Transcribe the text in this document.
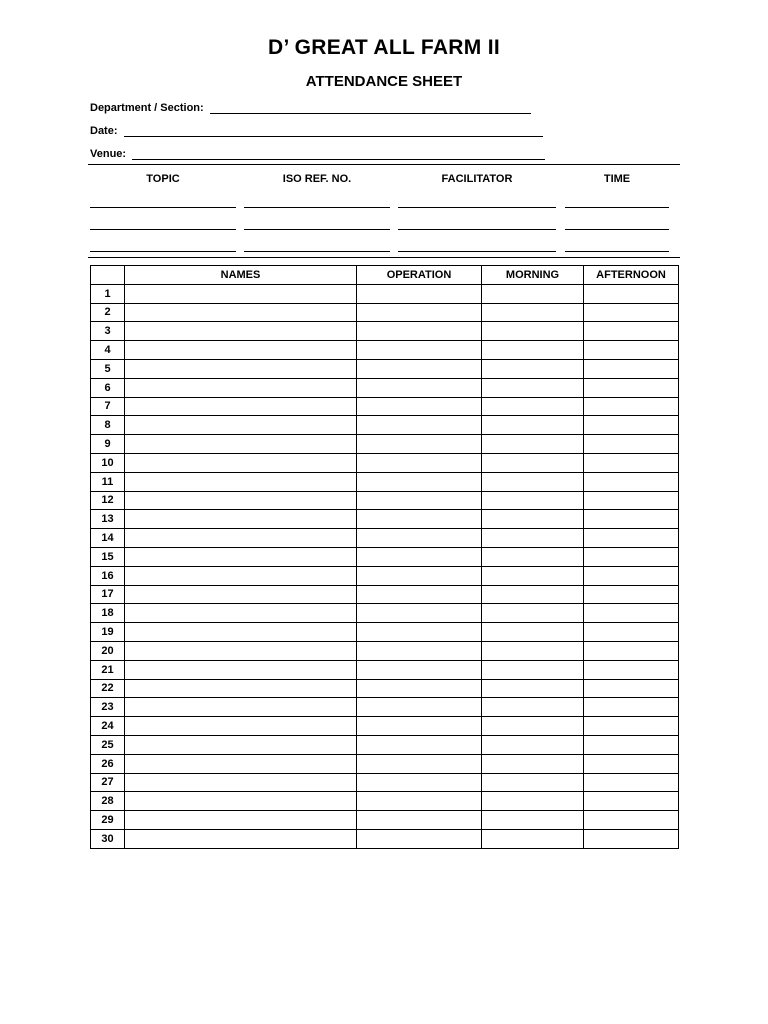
D’ GREAT ALL FARM II
ATTENDANCE SHEET
Department / Section:
Date:
Venue:
TOPIC	ISO REF. NO.	FACILITATOR	TIME
	NAMES	OPERATION	MORNING	AFTERNOON
1				
2				
3				
4				
5				
6				
7				
8				
9				
10				
11				
12				
13				
14				
15				
16				
17				
18				
19				
20				
21				
22				
23				
24				
25				
26				
27				
28				
29				
30				
